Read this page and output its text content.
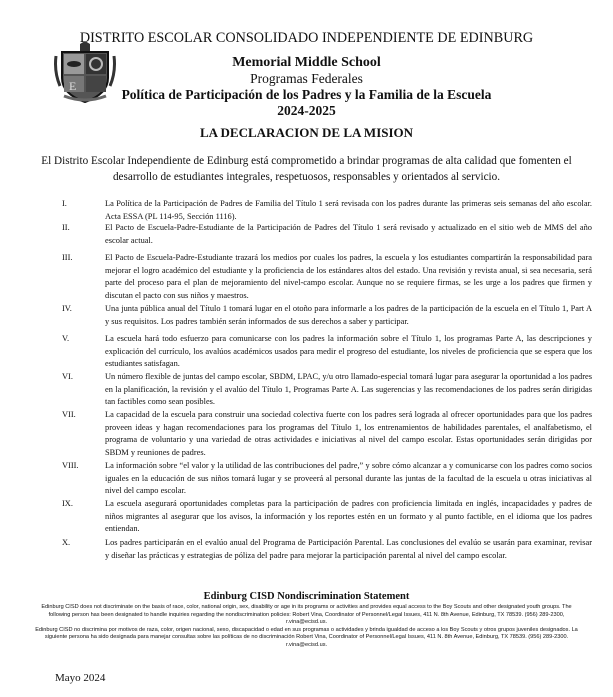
E
DISTRITO ESCOLAR CONSOLIDADO INDEPENDIENTE DE EDINBURG
Memorial Middle School
Programas Federales
Política de Participación de los Padres y la Familia de la Escuela
2024-2025
LA DECLARACION DE LA MISION
El Distrito Escolar Independiente de Edinburg está comprometido a brindar programas de alta calidad que fomenten el desarrollo de estudiantes integrales, respetuosos, responsables y orientados al servicio.
I.	La Política de la Participación de Padres de Familia del Título 1 será revisada con los padres durante las primeras seis semanas del año escolar. Acta ESSA (PL 114-95, Sección 1116).
II.	El Pacto de Escuela-Padre-Estudiante de la Participación de Padres del Título 1 será revisado y actualizado en el sitio web de MMS del año escolar actual.
III.	El Pacto de Escuela-Padre-Estudiante trazará los medios por cuales los padres, la escuela y los estudiantes compartirán la responsabilidad para mejorar el logro académico del estudiante y la proficiencia de los estándares altos del estado. Una revisión y revista anual, si sea necesaria, será parte del proceso para el plan de mejoramiento del nivel-campo escolar. Aunque no se requiere firmas, se les urge a los padres que firmen y discutan el pacto con sus niños y maestros.
IV.	Una junta pública anual del Título 1 tomará lugar en el otoño para informarle a los padres de la participación de la escuela en el Título 1, Part A y sus requisitos. Los padres también serán informados de sus derechos a saber y participar.
V.	La escuela hará todo esfuerzo para comunicarse con los padres la información sobre el Título 1, los programas Parte A, las descripciones y explicación del currículo, los avalúos académicos usados para medir el progreso del estudiante, los niveles de proficiencia que se espera que los estudiantes satisfagan.
VI.	Un número flexible de juntas del campo escolar, SBDM, LPAC, y/u otro llamado-especial tomará lugar para asegurar la oportunidad a los padres en la planificación, la revisión y el avalúo del Título 1, Programas Parte A. Las sugerencias y las recomendaciones de los padres serán dirigidas tan factibles como sean posibles.
VII.	La capacidad de la escuela para construir una sociedad colectiva fuerte con los padres será lograda al ofrecer oportunidades para que los padres proveen ideas y hagan recomendaciones para los programas del Título 1, los entrenamientos de habilidades parentales, el analfabetismo, el programa de voluntario y una variedad de otras actividades e iniciativas al nivel del campo escolar. Estas oportunidades serán dirigidas por SBDM y reuniones de padres.
VIII.	La información sobre “el valor y la utilidad de las contribuciones del padre,” y sobre cómo alcanzar a y comunicarse con los padres como socios iguales en la educación de sus niños tomará lugar y se proveerá al personal durante las juntas de la facultad de la escuela u otras iniciativas al nivel del campo escolar.
IX.	La escuela asegurará oportunidades completas para la participación de padres con proficiencia limitada en inglés, incapacidades y padres de niños migrantes al asegurar que los avisos, la información y los reportes estén en un formato y al punto factible, en el idioma que los padres entiendan.
X.	Los padres participarán en el evalúo anual del Programa de Participación Parental. Las conclusiones del evalúo se usarán para examinar, revisar y diseñar las prácticas y estrategias de póliza del padre para mejorar la participación parental al nivel del campo escolar.
Edinburg CISD Nondiscrimination Statement
Edinburg CISD does not discriminate on the basis of race, color, national origin, sex, disability or age in its programs or activities and provides equal access to the Boy Scouts and other designated youth groups. The following person has been designated to handle inquiries regarding the nondiscrimination policies: Robert Vina, Coordinator of Personnel/Legal Issues, 411 N. 8th Avenue, Edinburg, TX 78539. (956) 289-2300, r.vina@ecisd.us.
Edinburg CISD no discrimina por motivos de raza, color, origen nacional, sexo, discapacidad o edad en sus programas o actividades y brinda igualdad de acceso a los Boy Scouts y otros grupos juveniles designados. La siguiente persona ha sido designada para manejar consultas sobre las políticas de no discriminación Robert Vina, Coordinator of Personnel/Legal Issues, 411 N. 8th Avenue, Edinburg, TX 78539. (956) 289-2300. r.vina@ecisd.us.
Mayo 2024
